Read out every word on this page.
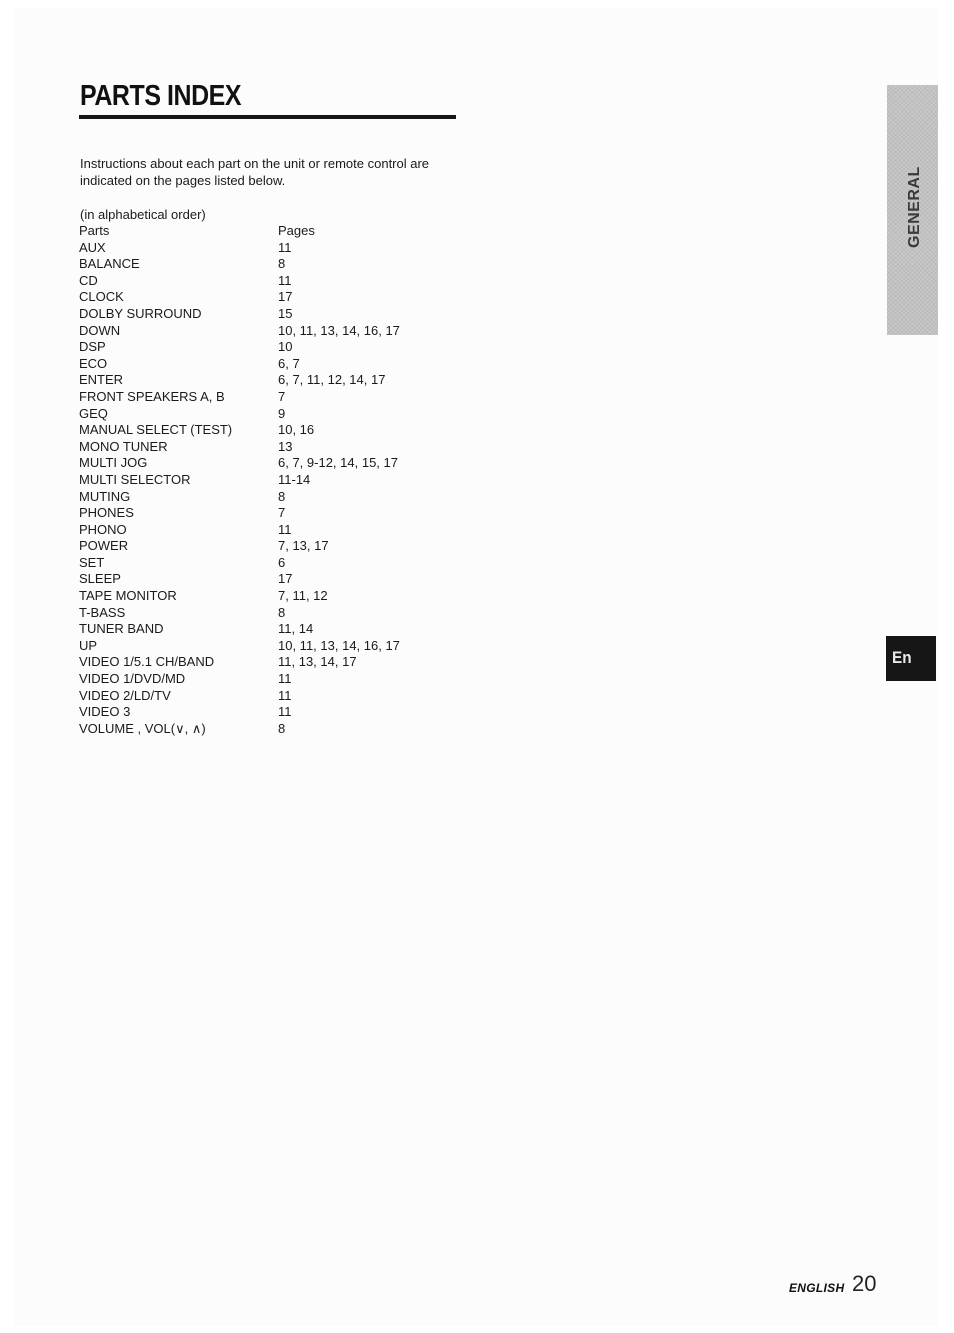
PARTS INDEX

Instructions about each part on the unit or remote control are indicated on the pages listed below.

(in alphabetical order)
Parts	Pages
AUX	11
BALANCE	8
CD	11
CLOCK	17
DOLBY SURROUND	15
DOWN	10, 11, 13, 14, 16, 17
DSP	10
ECO	6, 7
ENTER	6, 7, 11, 12, 14, 17
FRONT SPEAKERS A, B	7
GEQ	9
MANUAL SELECT (TEST)	10, 16
MONO TUNER	13
MULTI JOG	6, 7, 9-12, 14, 15, 17
MULTI SELECTOR	11-14
MUTING	8
PHONES	7
PHONO	11
POWER	7, 13, 17
SET	6
SLEEP	17
TAPE MONITOR	7, 11, 12
T-BASS	8
TUNER BAND	11, 14
UP	10, 11, 13, 14, 16, 17
VIDEO 1/5.1 CH/BAND	11, 13, 14, 17
VIDEO 1/DVD/MD	11
VIDEO 2/LD/TV	11
VIDEO 3	11
VOLUME , VOL(∨, ∧)	8
GENERAL
En
ENGLISH 20
